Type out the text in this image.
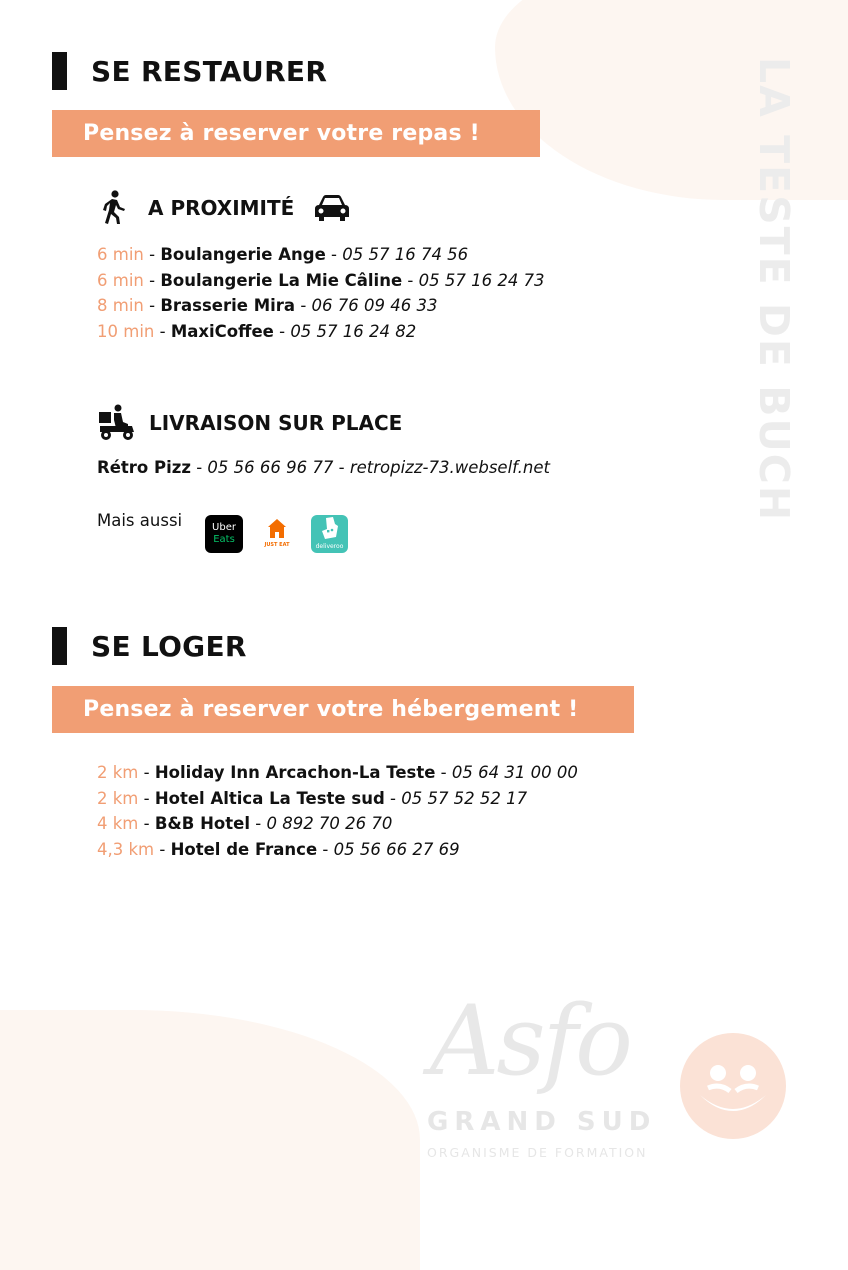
LA TESTE DE BUCH
SE RESTAURER
Pensez à reserver votre repas !
A PROXIMITÉ
6 min - Boulangerie Ange - 05 57 16 74 56
6 min - Boulangerie La Mie Câline - 05 57 16 24 73
8 min - Brasserie Mira - 06 76 09 46 33
10 min - MaxiCoffee - 05 57 16 24 82
LIVRAISON SUR PLACE
Rétro Pizz - 05 56 66 96 77 - retropizz-73.webself.net
Mais aussi	Uber
Eats	JUST EAT	deliveroo
SE LOGER
Pensez à reserver votre hébergement !
2 km - Holiday Inn Arcachon-La Teste - 05 64 31 00 00
2 km - Hotel Altica La Teste sud - 05 57 52 52 17
4 km - B&B Hotel - 0 892 70 26 70
4,3 km - Hotel de France - 05 56 66 27 69
Asfo
GRAND SUD
ORGANISME DE FORMATION
